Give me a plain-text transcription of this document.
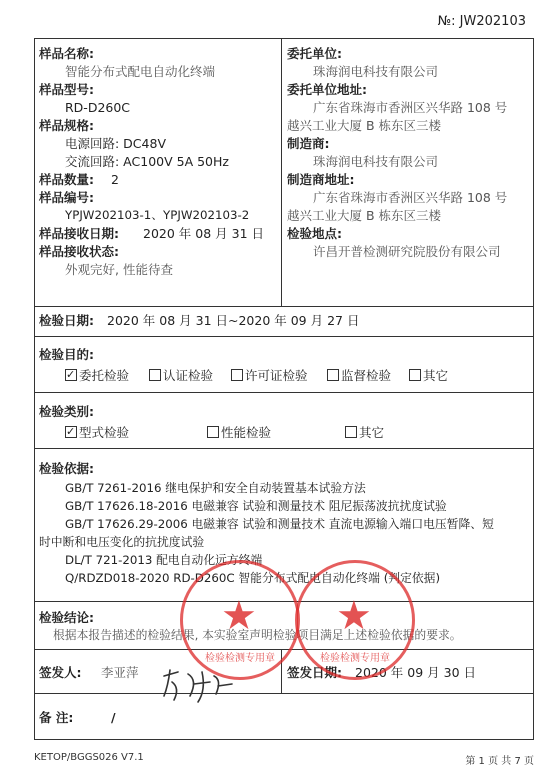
№: JW202103
样品名称:
智能分布式配电自动化终端
样品型号:
RD-D260C
样品规格:
电源回路: DC48V
交流回路: AC100V 5A 50Hz
样品数量: 2
样品编号:
YPJW202103-1、YPJW202103-2
样品接收日期: 2020 年 08 月 31 日
样品接收状态:
外观完好, 性能待查
委托单位:
珠海润电科技有限公司
委托单位地址:
广东省珠海市香洲区兴华路 108 号
越兴工业大厦 B 栋东区三楼
制造商:
珠海润电科技有限公司
制造商地址:
广东省珠海市香洲区兴华路 108 号
越兴工业大厦 B 栋东区三楼
检验地点:
许昌开普检测研究院股份有限公司
检验日期: 2020 年 08 月 31 日~2020 年 09 月 27 日
检验目的:
✓委托检验	认证检验	许可证检验	监督检验	其它
检验类别:
✓型式检验	性能检验	其它
检验依据:
GB/T 7261-2016 继电保护和安全自动装置基本试验方法
GB/T 17626.18-2016 电磁兼容 试验和测量技术 阻尼振荡波抗扰度试验
GB/T 17626.29-2006 电磁兼容 试验和测量技术 直流电源输入端口电压暂降、短
时中断和电压变化的抗扰度试验
DL/T 721-2013 配电自动化远方终端
Q/RDZD018-2020 RD-D260C 智能分布式配电自动化终端 (判定依据)
检验结论:
根据本报告描述的检验结果, 本实验室声明检验项目满足上述检验依据的要求。
签发人: 李亚萍	签发日期: 2020 年 09 月 30 日
备 注:	/
★
检验检测专用章
★
检验检测专用章
KETOP/BGGS026 V7.1	第 1 页 共 7 页
